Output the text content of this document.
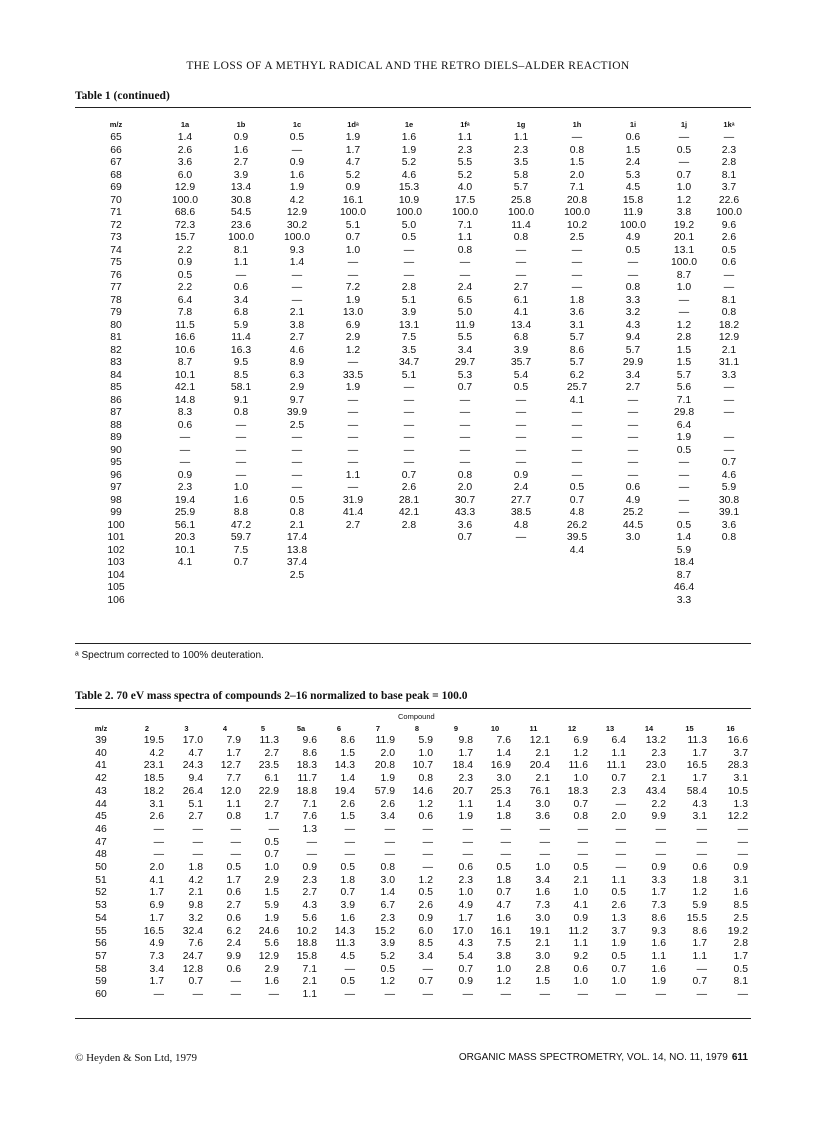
THE LOSS OF A METHYL RADICAL AND THE RETRO DIELS–ALDER REACTION
Table 1 (continued)
m/z	1a	1b	1c	1dᵃ	1e	1fᵃ	1g	1h	1i	1j	1kᵃ
65	1.4	0.9	0.5	1.9	1.6	1.1	1.1	—	0.6	—	—
66	2.6	1.6	—	1.7	1.9	2.3	2.3	0.8	1.5	0.5	2.3
67	3.6	2.7	0.9	4.7	5.2	5.5	3.5	1.5	2.4	—	2.8
68	6.0	3.9	1.6	5.2	4.6	5.2	5.8	2.0	5.3	0.7	8.1
69	12.9	13.4	1.9	0.9	15.3	4.0	5.7	7.1	4.5	1.0	3.7
70	100.0	30.8	4.2	16.1	10.9	17.5	25.8	20.8	15.8	1.2	22.6
71	68.6	54.5	12.9	100.0	100.0	100.0	100.0	100.0	11.9	3.8	100.0
72	72.3	23.6	30.2	5.1	5.0	7.1	11.4	10.2	100.0	19.2	9.6
73	15.7	100.0	100.0	0.7	0.5	1.1	0.8	2.5	4.9	20.1	2.6
74	2.2	8.1	9.3	1.0	—	0.8	—	—	0.5	13.1	0.5
75	0.9	1.1	1.4	—	—	—	—	—	—	100.0	0.6
76	0.5	—	—	—	—	—	—	—	—	8.7	—
77	2.2	0.6	—	7.2	2.8	2.4	2.7	—	0.8	1.0	—
78	6.4	3.4	—	1.9	5.1	6.5	6.1	1.8	3.3	—	8.1
79	7.8	6.8	2.1	13.0	3.9	5.0	4.1	3.6	3.2	—	0.8
80	11.5	5.9	3.8	6.9	13.1	11.9	13.4	3.1	4.3	1.2	18.2
81	16.6	11.4	2.7	2.9	7.5	5.5	6.8	5.7	9.4	2.8	12.9
82	10.6	16.3	4.6	1.2	3.5	3.4	3.9	8.6	5.7	1.5	2.1
83	8.7	9.5	8.9	—	34.7	29.7	35.7	5.7	29.9	1.5	31.1
84	10.1	8.5	6.3	33.5	5.1	5.3	5.4	6.2	3.4	5.7	3.3
85	42.1	58.1	2.9	1.9	—	0.7	0.5	25.7	2.7	5.6	—
86	14.8	9.1	9.7	—	—	—	—	4.1	—	7.1	—
87	8.3	0.8	39.9	—	—	—	—	—	—	29.8	—
88	0.6	—	2.5	—	—	—	—	—	—	6.4	
89	—	—	—	—	—	—	—	—	—	1.9	—
90	—	—	—	—	—	—	—	—	—	0.5	—
95	—	—	—	—	—	—	—	—	—	—	0.7
96	0.9	—	—	1.1	0.7	0.8	0.9	—	—	—	4.6
97	2.3	1.0	—	—	2.6	2.0	2.4	0.5	0.6	—	5.9
98	19.4	1.6	0.5	31.9	28.1	30.7	27.7	0.7	4.9	—	30.8
99	25.9	8.8	0.8	41.4	42.1	43.3	38.5	4.8	25.2	—	39.1
100	56.1	47.2	2.1	2.7	2.8	3.6	4.8	26.2	44.5	0.5	3.6
101	20.3	59.7	17.4			0.7	—	39.5	3.0	1.4	0.8
102	10.1	7.5	13.8					4.4		5.9	
103	4.1	0.7	37.4							18.4	
104			2.5							8.7	
105										46.4	
106										3.3	
ᵃ Spectrum corrected to 100% deuteration.
Table 2. 70 eV mass spectra of compounds 2–16 normalized to base peak = 100.0
Compound
m/z	2	3	4	5	5a	6	7	8	9	10	11	12	13	14	15	16
39	19.5	17.0	7.9	11.3	9.6	8.6	11.9	5.9	9.8	7.6	12.1	6.9	6.4	13.2	11.3	16.6
40	4.2	4.7	1.7	2.7	8.6	1.5	2.0	1.0	1.7	1.4	2.1	1.2	1.1	2.3	1.7	3.7
41	23.1	24.3	12.7	23.5	18.3	14.3	20.8	10.7	18.4	16.9	20.4	11.6	11.1	23.0	16.5	28.3
42	18.5	9.4	7.7	6.1	11.7	1.4	1.9	0.8	2.3	3.0	2.1	1.0	0.7	2.1	1.7	3.1
43	18.2	26.4	12.0	22.9	18.8	19.4	57.9	14.6	20.7	25.3	76.1	18.3	2.3	43.4	58.4	10.5
44	3.1	5.1	1.1	2.7	7.1	2.6	2.6	1.2	1.1	1.4	3.0	0.7	—	2.2	4.3	1.3
45	2.6	2.7	0.8	1.7	7.6	1.5	3.4	0.6	1.9	1.8	3.6	0.8	2.0	9.9	3.1	12.2
46	—	—	—	—	1.3	—	—	—	—	—	—	—	—	—	—	—
47	—	—	—	0.5	—	—	—	—	—	—	—	—	—	—	—	—
48	—	—	—	0.7	—	—	—	—	—	—	—	—	—	—	—	—
50	2.0	1.8	0.5	1.0	0.9	0.5	0.8	—	0.6	0.5	1.0	0.5	—	0.9	0.6	0.9
51	4.1	4.2	1.7	2.9	2.3	1.8	3.0	1.2	2.3	1.8	3.4	2.1	1.1	3.3	1.8	3.1
52	1.7	2.1	0.6	1.5	2.7	0.7	1.4	0.5	1.0	0.7	1.6	1.0	0.5	1.7	1.2	1.6
53	6.9	9.8	2.7	5.9	4.3	3.9	6.7	2.6	4.9	4.7	7.3	4.1	2.6	7.3	5.9	8.5
54	1.7	3.2	0.6	1.9	5.6	1.6	2.3	0.9	1.7	1.6	3.0	0.9	1.3	8.6	15.5	2.5
55	16.5	32.4	6.2	24.6	10.2	14.3	15.2	6.0	17.0	16.1	19.1	11.2	3.7	9.3	8.6	19.2
56	4.9	7.6	2.4	5.6	18.8	11.3	3.9	8.5	4.3	7.5	2.1	1.1	1.9	1.6	1.7	2.8
57	7.3	24.7	9.9	12.9	15.8	4.5	5.2	3.4	5.4	3.8	3.0	9.2	0.5	1.1	1.1	1.7
58	3.4	12.8	0.6	2.9	7.1	—	0.5	—	0.7	1.0	2.8	0.6	0.7	1.6	—	0.5
59	1.7	0.7	—	1.6	2.1	0.5	1.2	0.7	0.9	1.2	1.5	1.0	1.0	1.9	0.7	8.1
60	—	—	—	—	1.1	—	—	—	—	—	—	—	—	—	—	—
© Heyden & Son Ltd, 1979	ORGANIC MASS SPECTROMETRY, VOL. 14, NO. 11, 1979 611
